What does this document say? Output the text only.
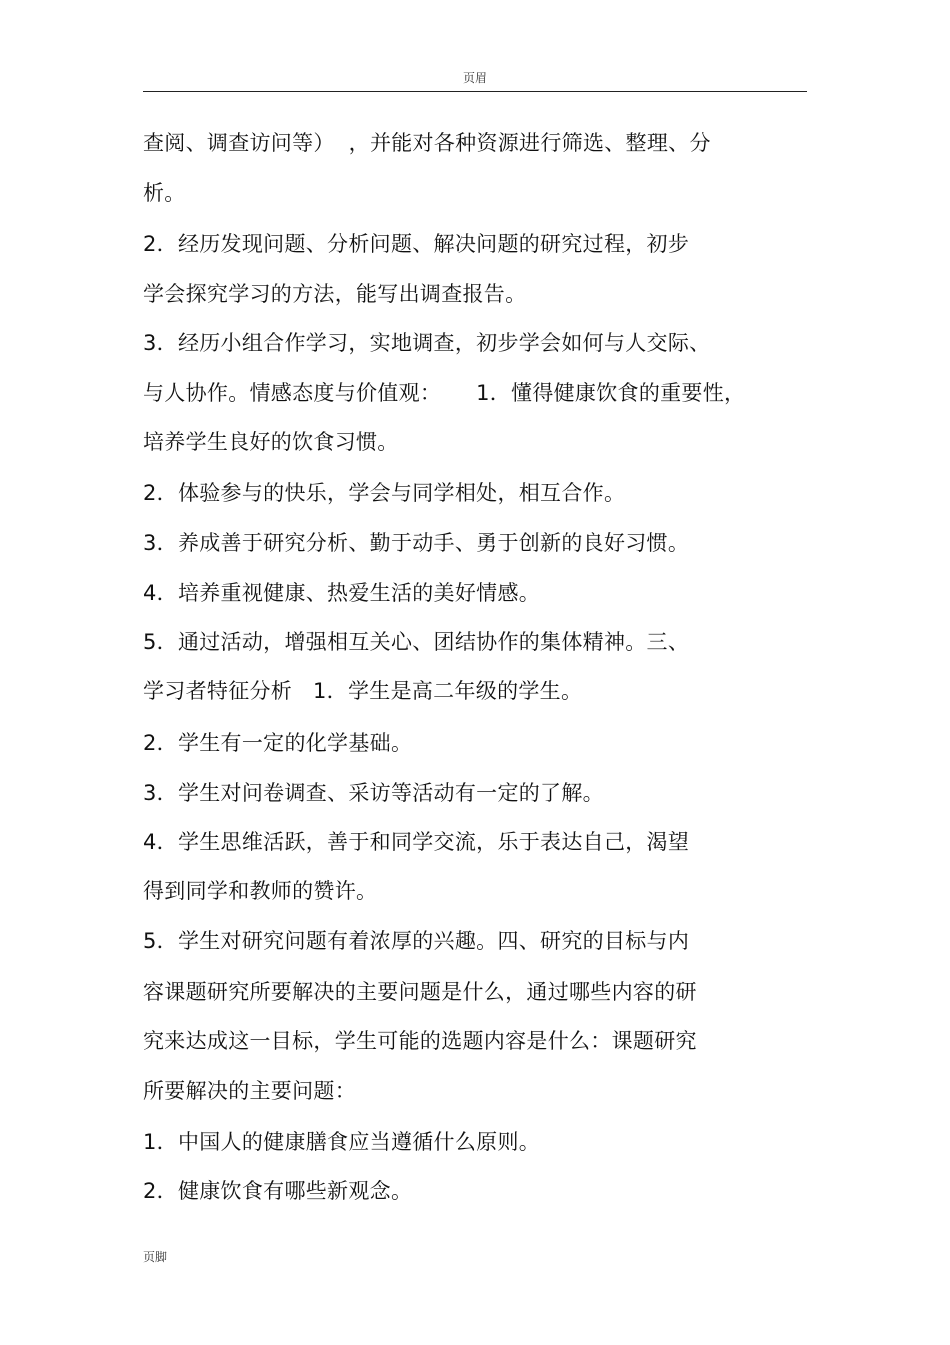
页眉
查阅、调查访问等）  ，并能对各种资源进行筛选、整理、分
析。
2．经历发现问题、分析问题、解决问题的研究过程，初步
学会探究学习的方法，能写出调查报告。
3．经历小组合作学习，实地调查，初步学会如何与人交际、
与人协作。情感态度与价值观：     1．懂得健康饮食的重要性，
培养学生良好的饮食习惯。
2．体验参与的快乐，学会与同学相处，相互合作。
3．养成善于研究分析、勤于动手、勇于创新的良好习惯。
4．培养重视健康、热爱生活的美好情感。
5．通过活动，增强相互关心、团结协作的集体精神。三、
学习者特征分析   1．学生是高二年级的学生。
2．学生有一定的化学基础。
3．学生对问卷调查、采访等活动有一定的了解。
4．学生思维活跃，善于和同学交流，乐于表达自己，渴望
得到同学和教师的赞许。
5．学生对研究问题有着浓厚的兴趣。四、研究的目标与内
容课题研究所要解决的主要问题是什么，通过哪些内容的研
究来达成这一目标，学生可能的选题内容是什么：课题研究
所要解决的主要问题：
1．中国人的健康膳食应当遵循什么原则。
2．健康饮食有哪些新观念。
页脚
